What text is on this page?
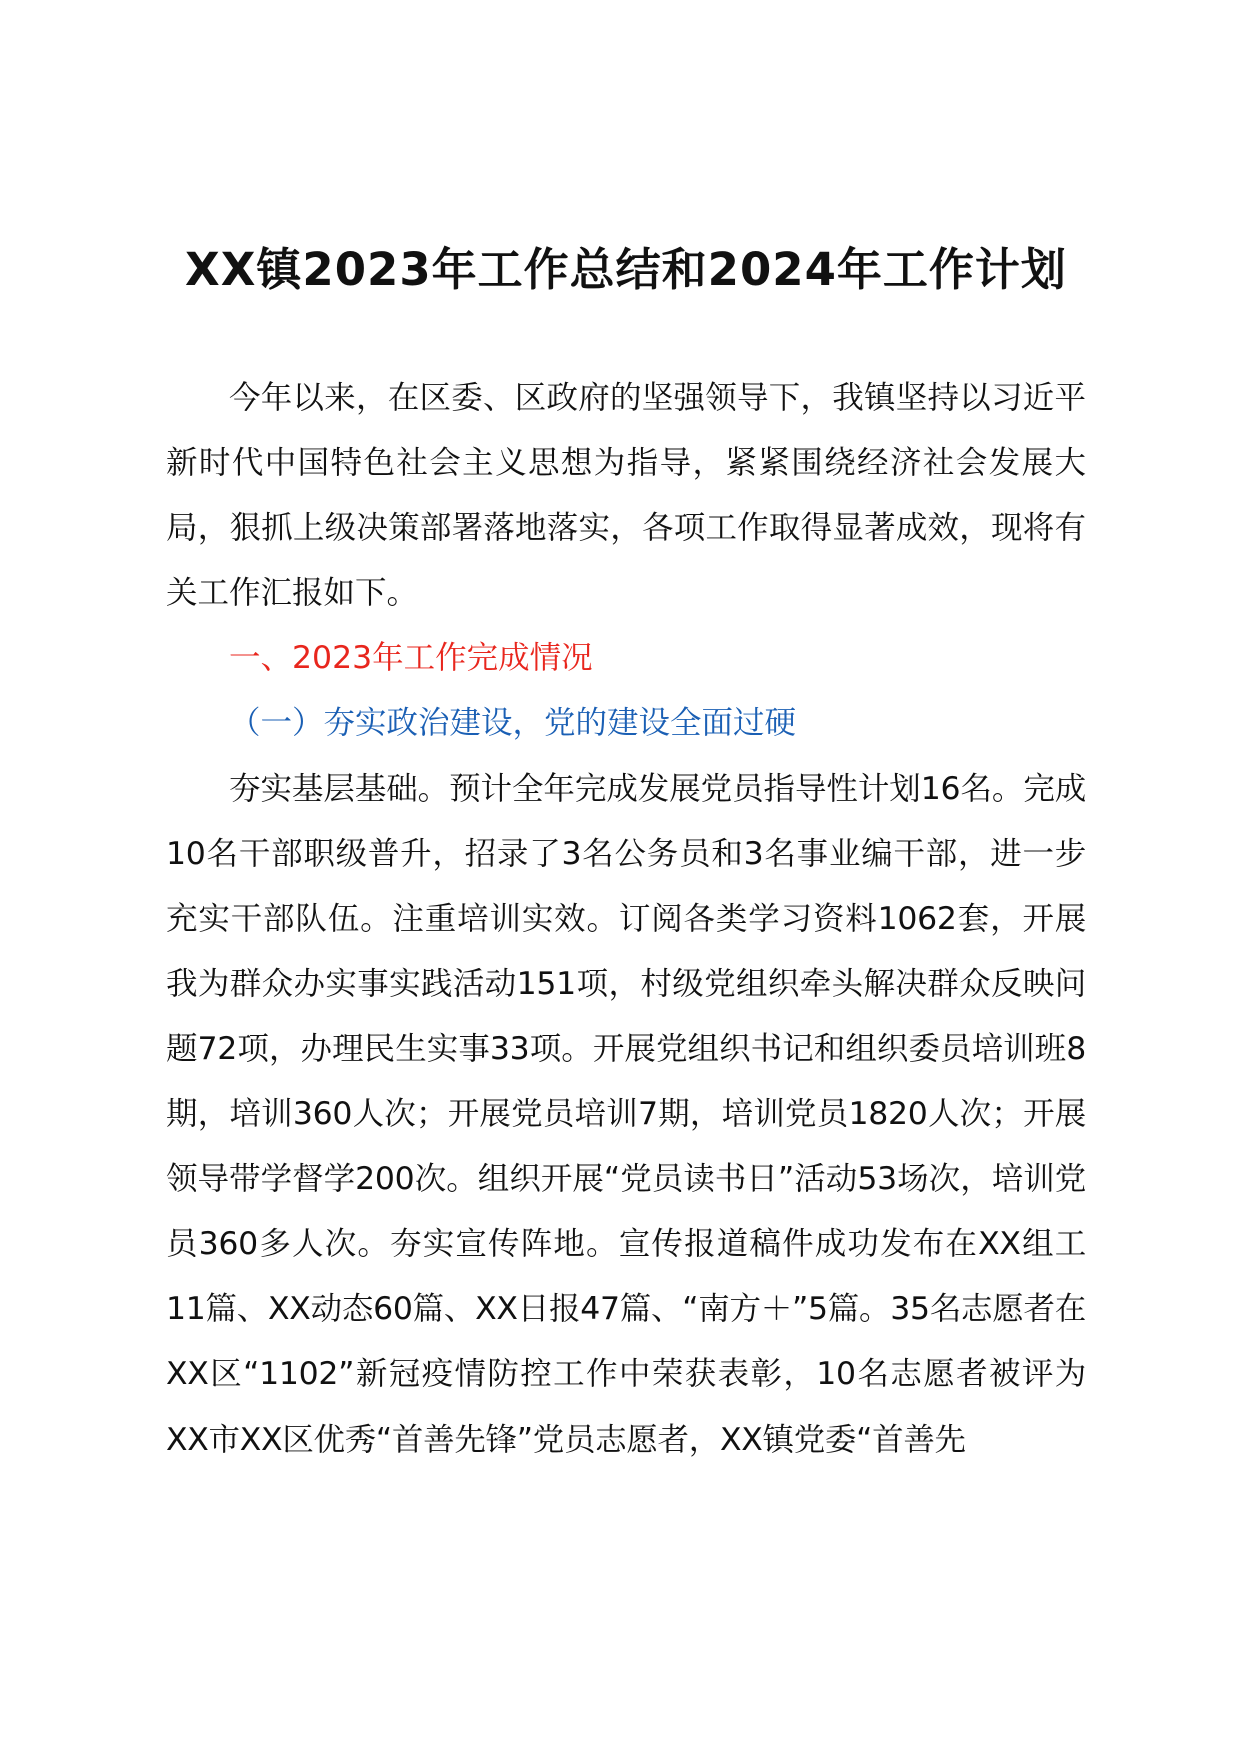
XX镇2023年工作总结和2024年工作计划

今年以来，在区委、区政府的坚强领导下，我镇坚持以习近平新时代中国特色社会主义思想为指导，紧紧围绕经济社会发展大局，狠抓上级决策部署落地落实，各项工作取得显著成效，现将有关工作汇报如下。

一、2023年工作完成情况

（一）夯实政治建设，党的建设全面过硬

夯实基层基础。预计全年完成发展党员指导性计划16名。完成10名干部职级普升，招录了3名公务员和3名事业编干部，进一步充实干部队伍。注重培训实效。订阅各类学习资料1062套，开展我为群众办实事实践活动151项，村级党组织牵头解决群众反映问题72项，办理民生实事33项。开展党组织书记和组织委员培训班8期，培训360人次；开展党员培训7期，培训党员1820人次；开展领导带学督学200次。组织开展“党员读书日”活动53场次，培训党员360多人次。夯实宣传阵地。宣传报道稿件成功发布在XX组工11篇、XX动态60篇、XX日报47篇、“南方＋”5篇。35名志愿者在XX区“1102”新冠疫情防控工作中荣获表彰，10名志愿者被评为XX市XX区优秀“首善先锋”党员志愿者，XX镇党委“首善先
